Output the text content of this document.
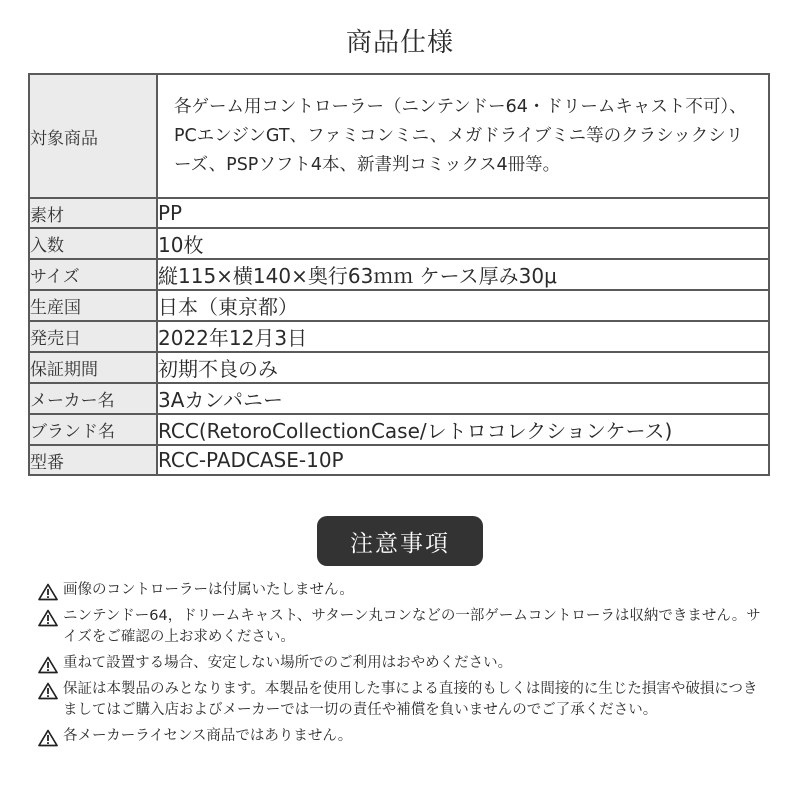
商品仕様
対象商品	各ゲーム用コントローラー（ニンテンドー64・ドリームキャスト不可）、PCエンジンGT、ファミコンミニ、メガドライブミニ等のクラシックシリーズ、PSPソフト4本、新書判コミックス4冊等。
素材	PP
入数	10枚
サイズ	縦115×横140×奥行63ｍｍ ケース厚み30μ
生産国	日本（東京都）
発売日	2022年12月3日
保証期間	初期不良のみ
メーカー名	3Aカンパニー
ブランド名	RCC(RetoroCollectionCase/レトロコレクションケース)
型番	RCC-PADCASE-10P
注意事項
画像のコントローラーは付属いたしません。
ニンテンドー64，ドリームキャスト、サターン丸コンなどの一部ゲームコントローラは収納できません。サイズをご確認の上お求めください。
重ねて設置する場合、安定しない場所でのご利用はおやめください。
保証は本製品のみとなります。本製品を使用した事による直接的もしくは間接的に生じた損害や破損につきましてはご購入店およびメーカーでは一切の責任や補償を負いませんのでご了承ください。
各メーカーライセンス商品ではありません。
